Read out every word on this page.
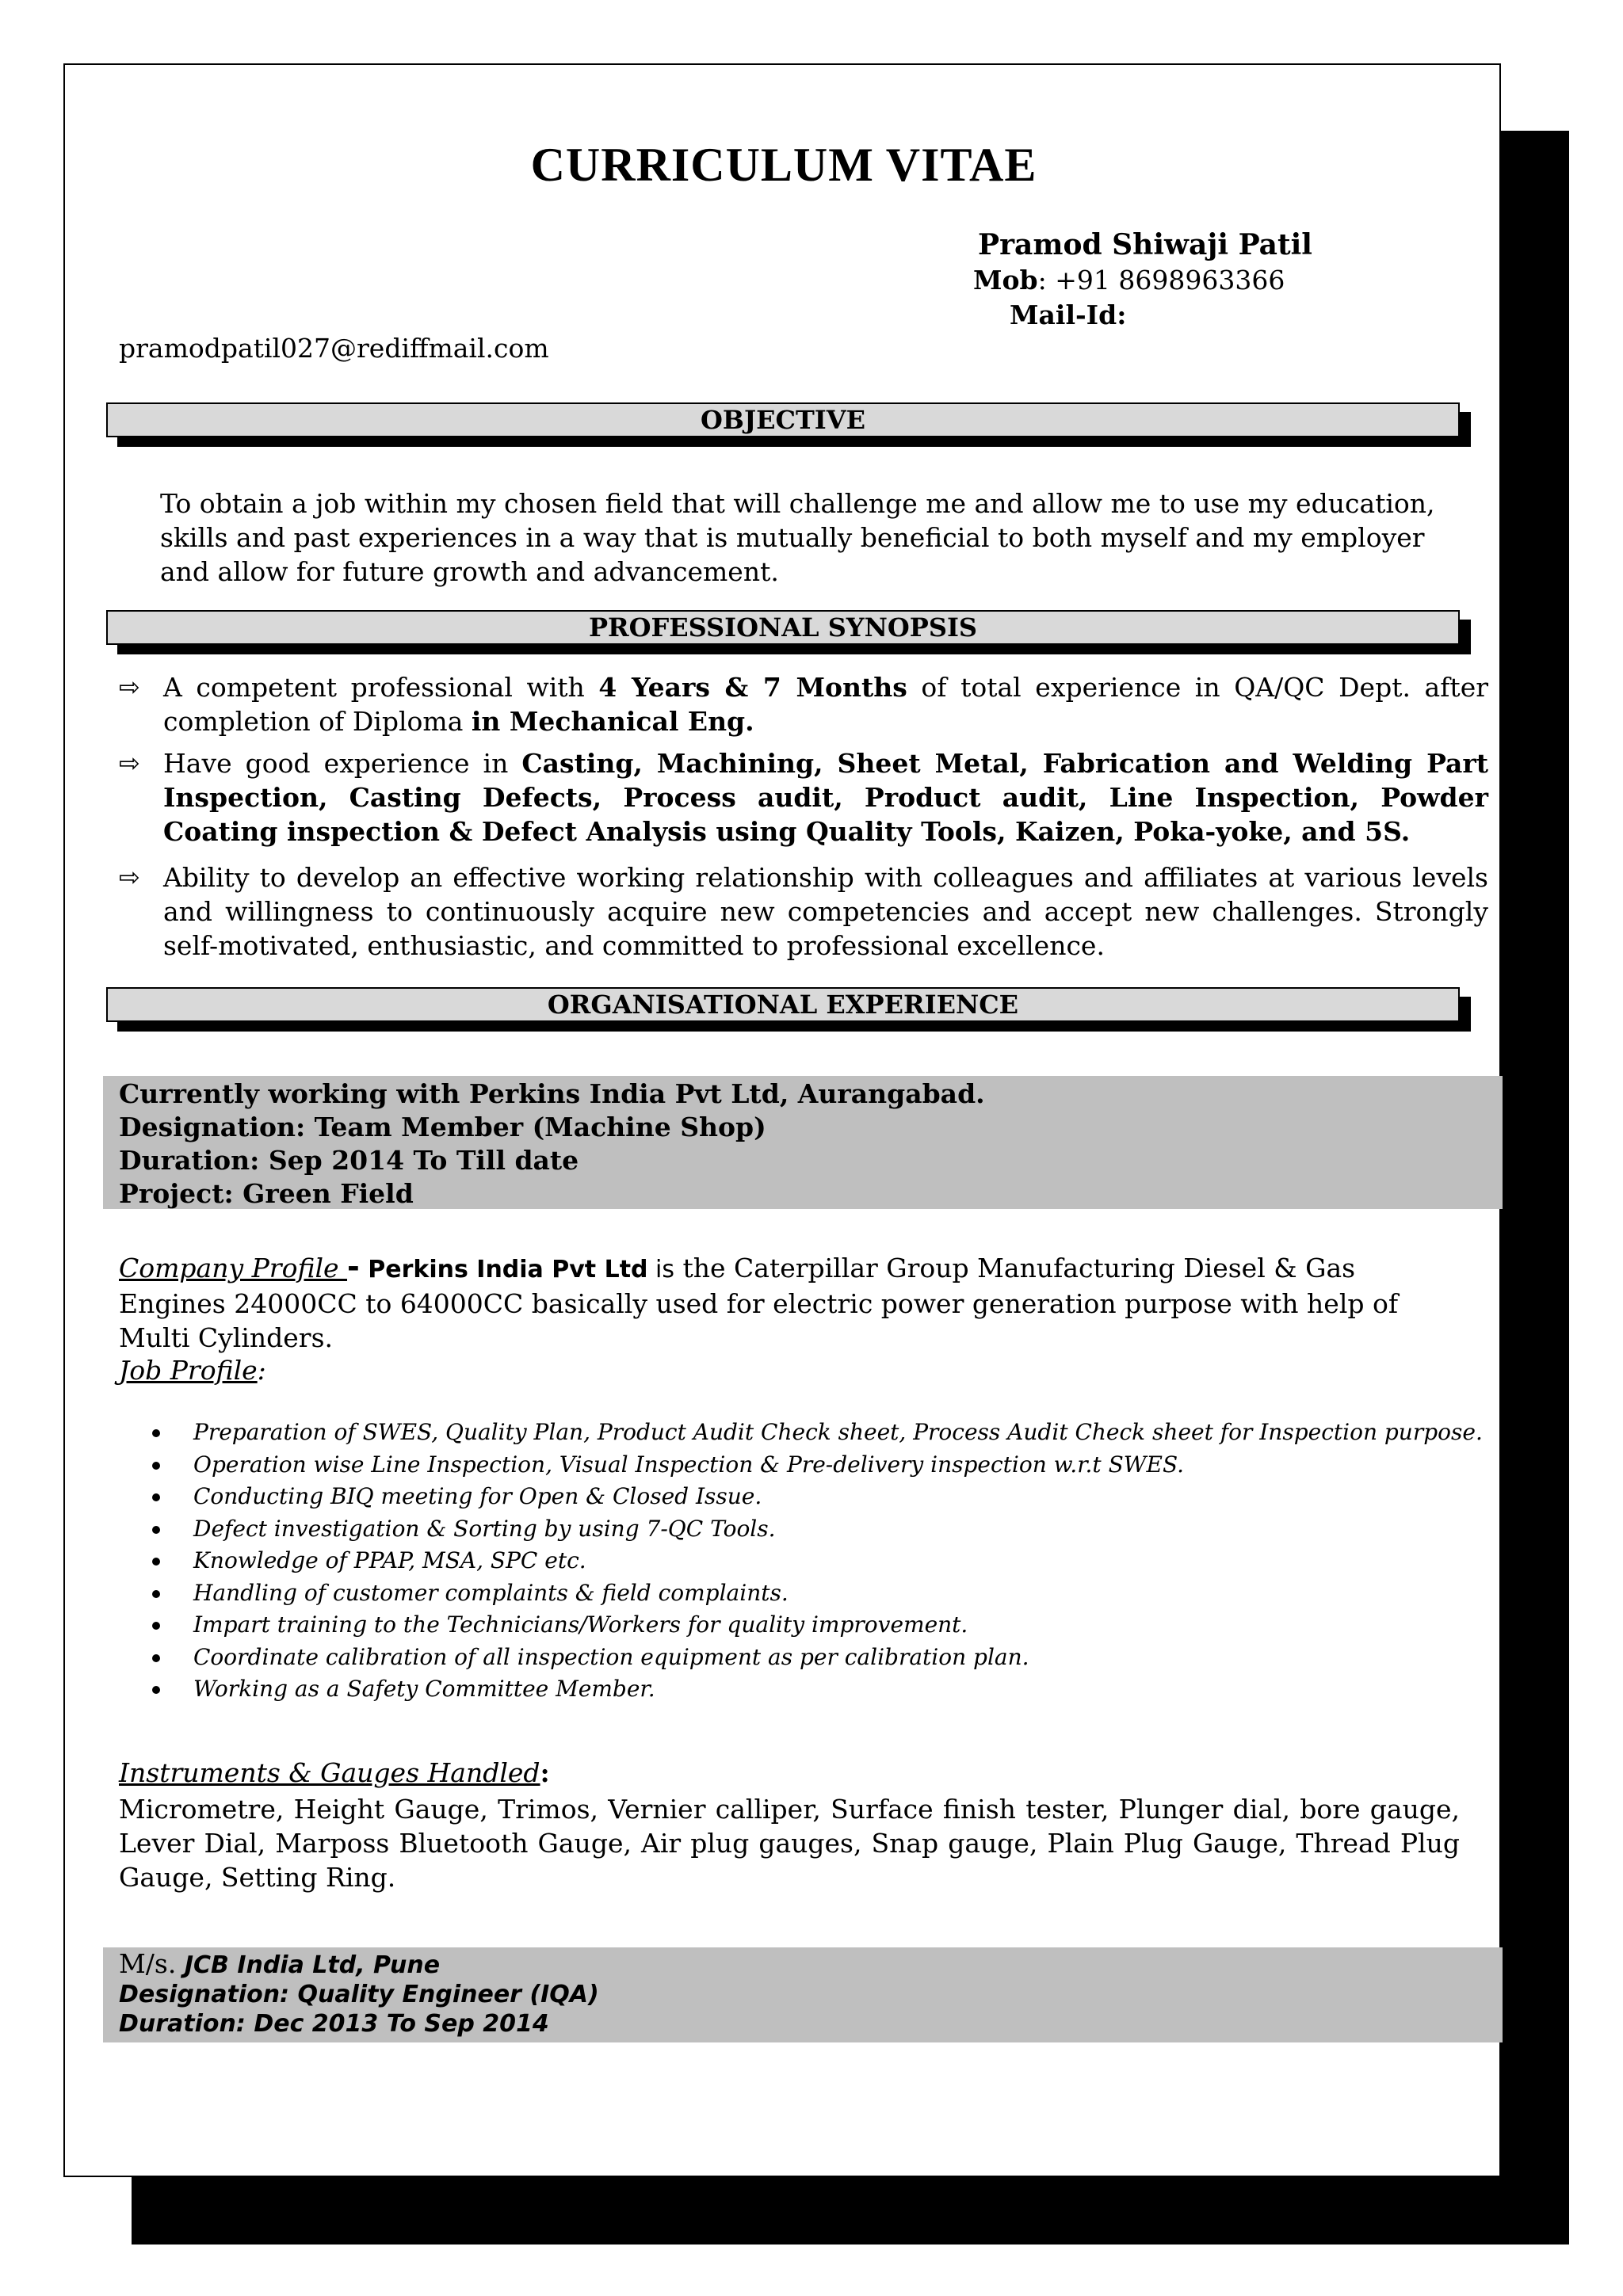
CURRICULUM VITAE
Pramod Shiwaji Patil
Mob: +91 8698963366
Mail-Id:
pramodpatil027@rediffmail.com
OBJECTIVE
To obtain a job within my chosen field that will challenge me and allow me to use my education, skills and past experiences in a way that is mutually beneficial to both myself and my employer and allow for future growth and advancement.
PROFESSIONAL SYNOPSIS
⇨ A competent professional with 4 Years & 7 Months of total experience in QA/QC Dept. after completion of Diploma in Mechanical Eng.
⇨ Have good experience in Casting, Machining, Sheet Metal, Fabrication and Welding Part Inspection, Casting Defects, Process audit, Product audit, Line Inspection, Powder Coating inspection & Defect Analysis using Quality Tools, Kaizen, Poka-yoke, and 5S.
⇨ Ability to develop an effective working relationship with colleagues and affiliates at various levels and willingness to continuously acquire new competencies and accept new challenges. Strongly self-motivated, enthusiastic, and committed to professional excellence.
ORGANISATIONAL EXPERIENCE
Currently working with Perkins India Pvt Ltd, Aurangabad.
Designation: Team Member (Machine Shop)
Duration: Sep 2014 To Till date
Project: Green Field
Company Profile - Perkins India Pvt Ltd is the Caterpillar Group Manufacturing Diesel & Gas Engines 24000CC to 64000CC basically used for electric power generation purpose with help of Multi Cylinders.
Job Profile:
Preparation of SWES, Quality Plan, Product Audit Check sheet, Process Audit Check sheet for Inspection purpose.
Operation wise Line Inspection, Visual Inspection & Pre-delivery inspection w.r.t SWES.
Conducting BIQ meeting for Open & Closed Issue.
Defect investigation & Sorting by using 7-QC Tools.
Knowledge of PPAP, MSA, SPC etc.
Handling of customer complaints & field complaints.
Impart training to the Technicians/Workers for quality improvement.
Coordinate calibration of all inspection equipment as per calibration plan.
Working as a Safety Committee Member.
Instruments & Gauges Handled:
Micrometre, Height Gauge, Trimos, Vernier calliper, Surface finish tester, Plunger dial, bore gauge, Lever Dial, Marposs Bluetooth Gauge, Air plug gauges, Snap gauge, Plain Plug Gauge, Thread Plug Gauge, Setting Ring.
M/s. JCB India Ltd, Pune
Designation: Quality Engineer (IQA)
Duration: Dec 2013 To Sep 2014
